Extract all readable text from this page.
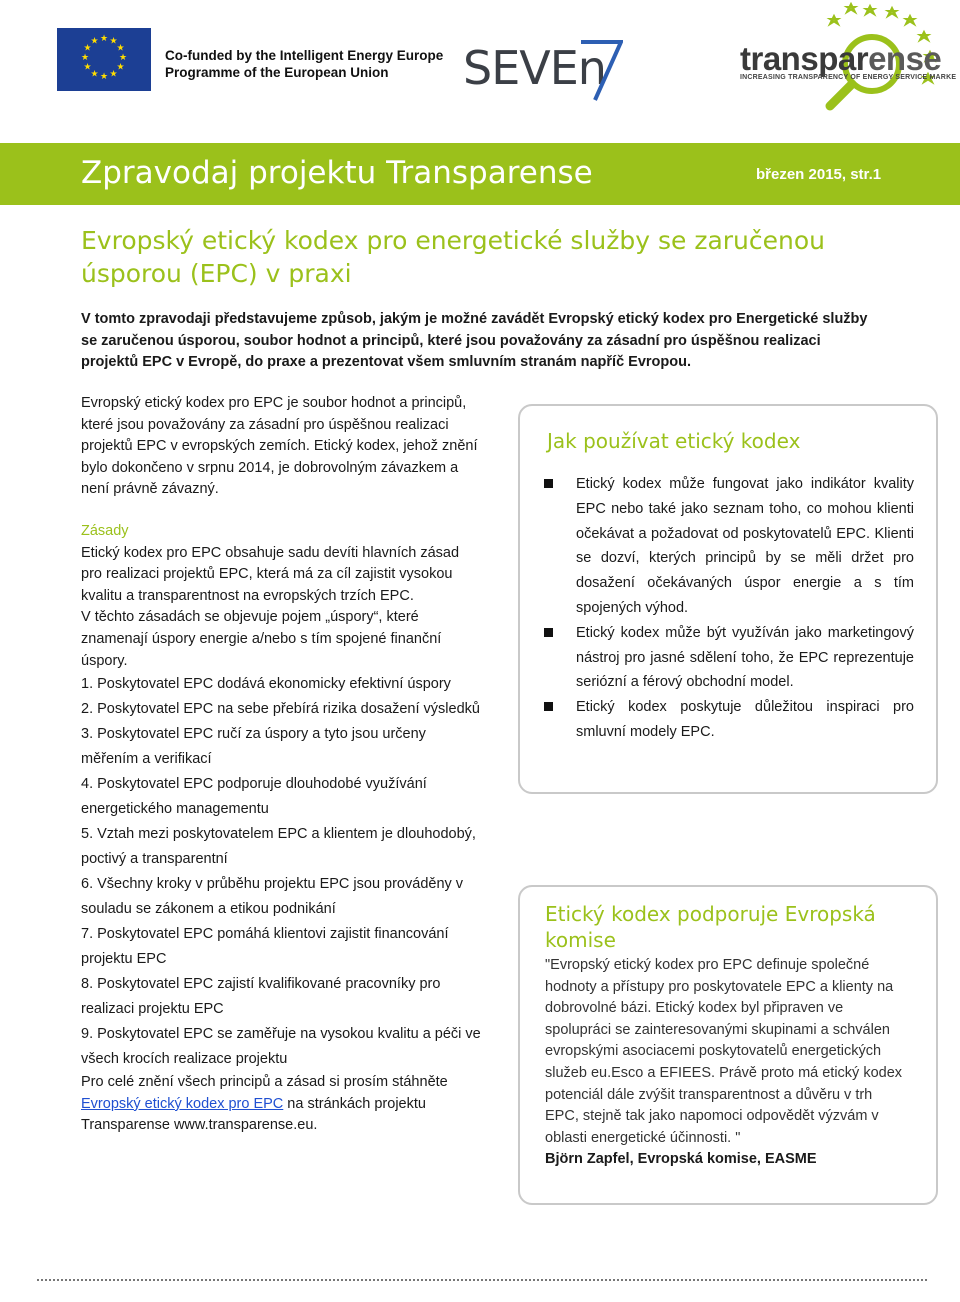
★ ★
★
★
★
★
★
★
★
★
★
★
Co-funded by the Intelligent Energy Europe
Programme of the European Union	SEVEn	transparense
INCREASING TRANSPARENCY OF ENERGY SERVICE MARKE
Zpravodaj projektu Transparense	březen 2015, str.1
Evropský etický kodex pro energetické služby se zaručenou úsporou (EPC) v praxi
V tomto zpravodaji představujeme způsob, jakým je možné zavádět Evropský etický kodex pro Energetické služby se zaručenou úsporou, soubor hodnot a principů, které jsou považovány za zásadní pro úspěšnou realizaci projektů EPC v Evropě, do praxe a prezentovat všem smluvním stranám napříč Evropou.

Evropský etický kodex pro EPC je soubor hodnot a principů, které jsou považovány za zásadní pro úspěšnou realizaci projektů EPC v evropských zemích. Etický kodex, jehož znění bylo dokončeno v srpnu 2014, je dobrovolným závazkem a není právně závazný.

Zásady

Etický kodex pro EPC obsahuje sadu devíti hlavních zásad pro realizaci projektů EPC, která má za cíl zajistit vysokou kvalitu a transparentnost na evropských trzích EPC.

V těchto zásadách se objevuje pojem „úspory“, které znamenají úspory energie a/nebo s tím spojené finanční úspory.

1. Poskytovatel EPC dodává ekonomicky efektivní úspory
2. Poskytovatel EPC na sebe přebírá rizika dosažení výsledků
3. Poskytovatel EPC ručí za úspory a tyto jsou určeny měřením a verifikací
4. Poskytovatel EPC podporuje dlouhodobé využívání energetického managementu
5. Vztah mezi poskytovatelem EPC a klientem je dlouhodobý, poctivý a transparentní
6. Všechny kroky v průběhu projektu EPC jsou prováděny v souladu se zákonem a etikou podnikání
7. Poskytovatel EPC pomáhá klientovi zajistit financování projektu EPC
8. Poskytovatel EPC zajistí kvalifikované pracovníky pro realizaci projektu EPC
9. Poskytovatel EPC se zaměřuje na vysokou kvalitu a péči ve všech krocích realizace projektu

Pro celé znění všech principů a zásad si prosím stáhněte Evropský etický kodex pro EPC na stránkách projektu Transparense www.transparense.eu.

Jak používat etický kodex
Etický kodex může fungovat jako indikátor kvality EPC nebo také jako seznam toho, co mohou klienti očekávat a požadovat od poskytovatelů EPC. Klienti se dozví, kterých principů by se měli držet pro dosažení očekávaných úspor energie a s tím spojených výhod.
Etický kodex může být využíván jako marketingový nástroj pro jasné sdělení toho, že EPC reprezentuje seriózní a férový obchodní model.
Etický kodex poskytuje důležitou inspiraci pro smluvní modely EPC.
Etický kodex podporuje Evropská komise
"Evropský etický kodex pro EPC definuje společné hodnoty a přístupy pro poskytovatele EPC a klienty na dobrovolné bázi. Etický kodex byl připraven ve spolupráci se zainteresovanými skupinami a schválen evropskými asociacemi poskytovatelů energetických služeb eu.Esco a EFIEES. Právě proto má etický kodex potenciál dále zvýšit transparentnost a důvěru v trh EPC, stejně tak jako napomoci odpovědět výzvám v oblasti energetické účinnosti. "
Björn Zapfel, Evropská komise, EASME
